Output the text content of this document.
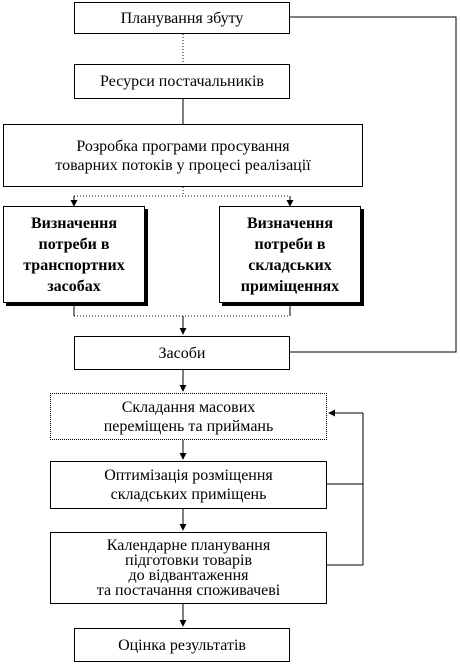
Планування збуту
Ресурси постачальників
Розробка програми просування
товарних потоків у процесі реалізації
Визначення
потреби в
транспортних
засобах
Визначення
потреби в
складських
приміщеннях
Засоби
Складання масових
переміщень та приймань
Оптимізація розміщення
складських приміщень
Календарне планування
підготовки товарів
до відвантаження
та постачання споживачеві
Оцінка результатів
